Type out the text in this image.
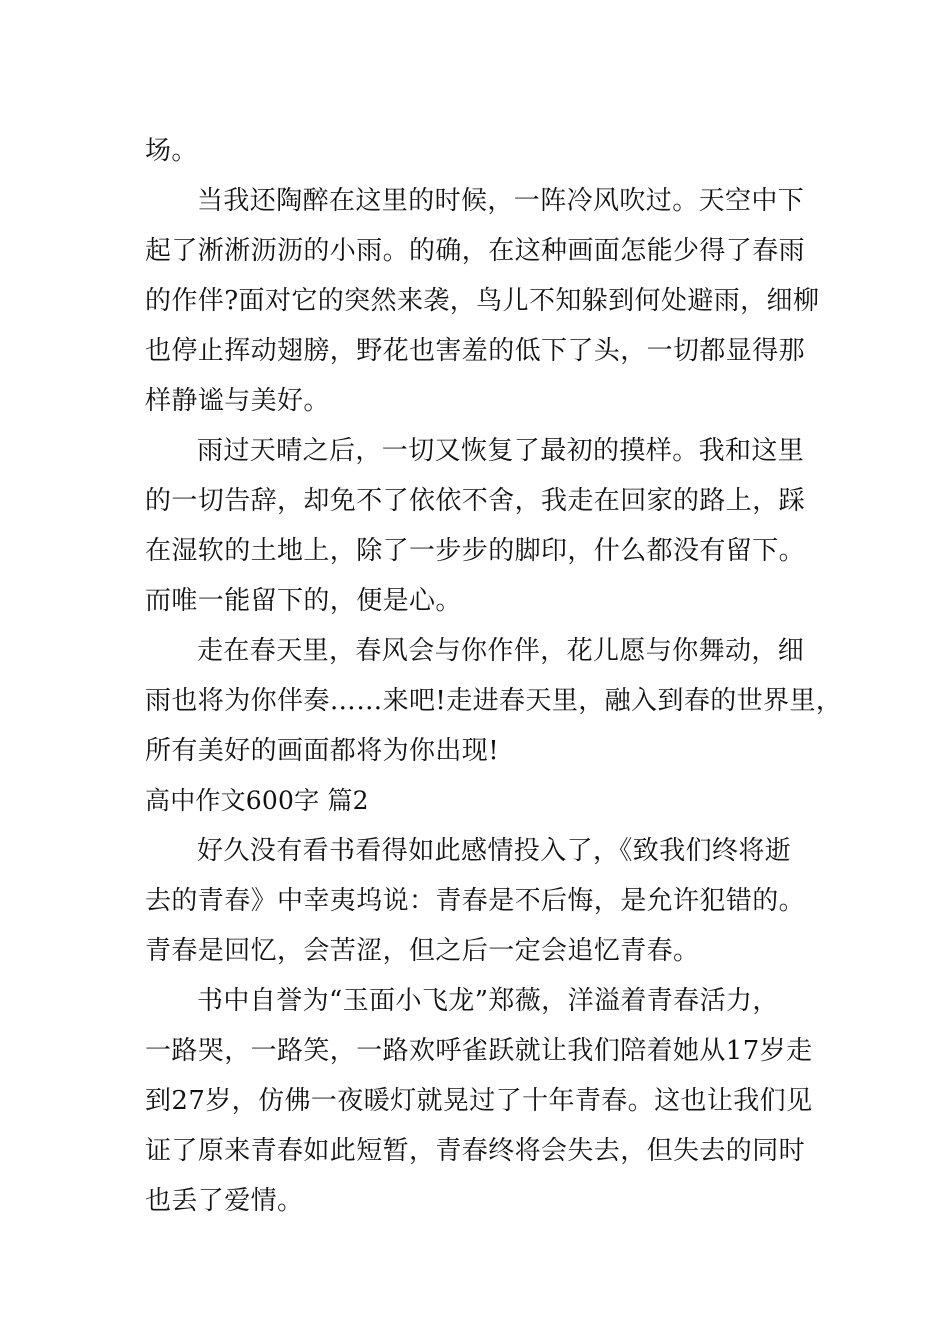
场。
当我还陶醉在这里的时候，一阵冷风吹过。天空中下
起了淅淅沥沥的小雨。的确，在这种画面怎能少得了春雨
的作伴?面对它的突然来袭，鸟儿不知躲到何处避雨，细柳
也停止挥动翅膀，野花也害羞的低下了头，一切都显得那
样静谧与美好。
雨过天晴之后，一切又恢复了最初的摸样。我和这里
的一切告辞，却免不了依依不舍，我走在回家的路上，踩
在湿软的土地上，除了一步步的脚印，什么都没有留下。
而唯一能留下的，便是心。
走在春天里，春风会与你作伴，花儿愿与你舞动，细
雨也将为你伴奏……来吧!走进春天里，融入到春的世界里，
所有美好的画面都将为你出现!
高中作文600字 篇2
好久没有看书看得如此感情投入了，《致我们终将逝
去的青春》中幸夷坞说：青春是不后悔，是允许犯错的。
青春是回忆，会苦涩，但之后一定会追忆青春。
书中自誉为“玉面小飞龙”郑薇，洋溢着青春活力，
一路哭，一路笑，一路欢呼雀跃就让我们陪着她从17岁走
到27岁，仿佛一夜暖灯就晃过了十年青春。这也让我们见
证了原来青春如此短暂，青春终将会失去，但失去的同时
也丢了爱情。
